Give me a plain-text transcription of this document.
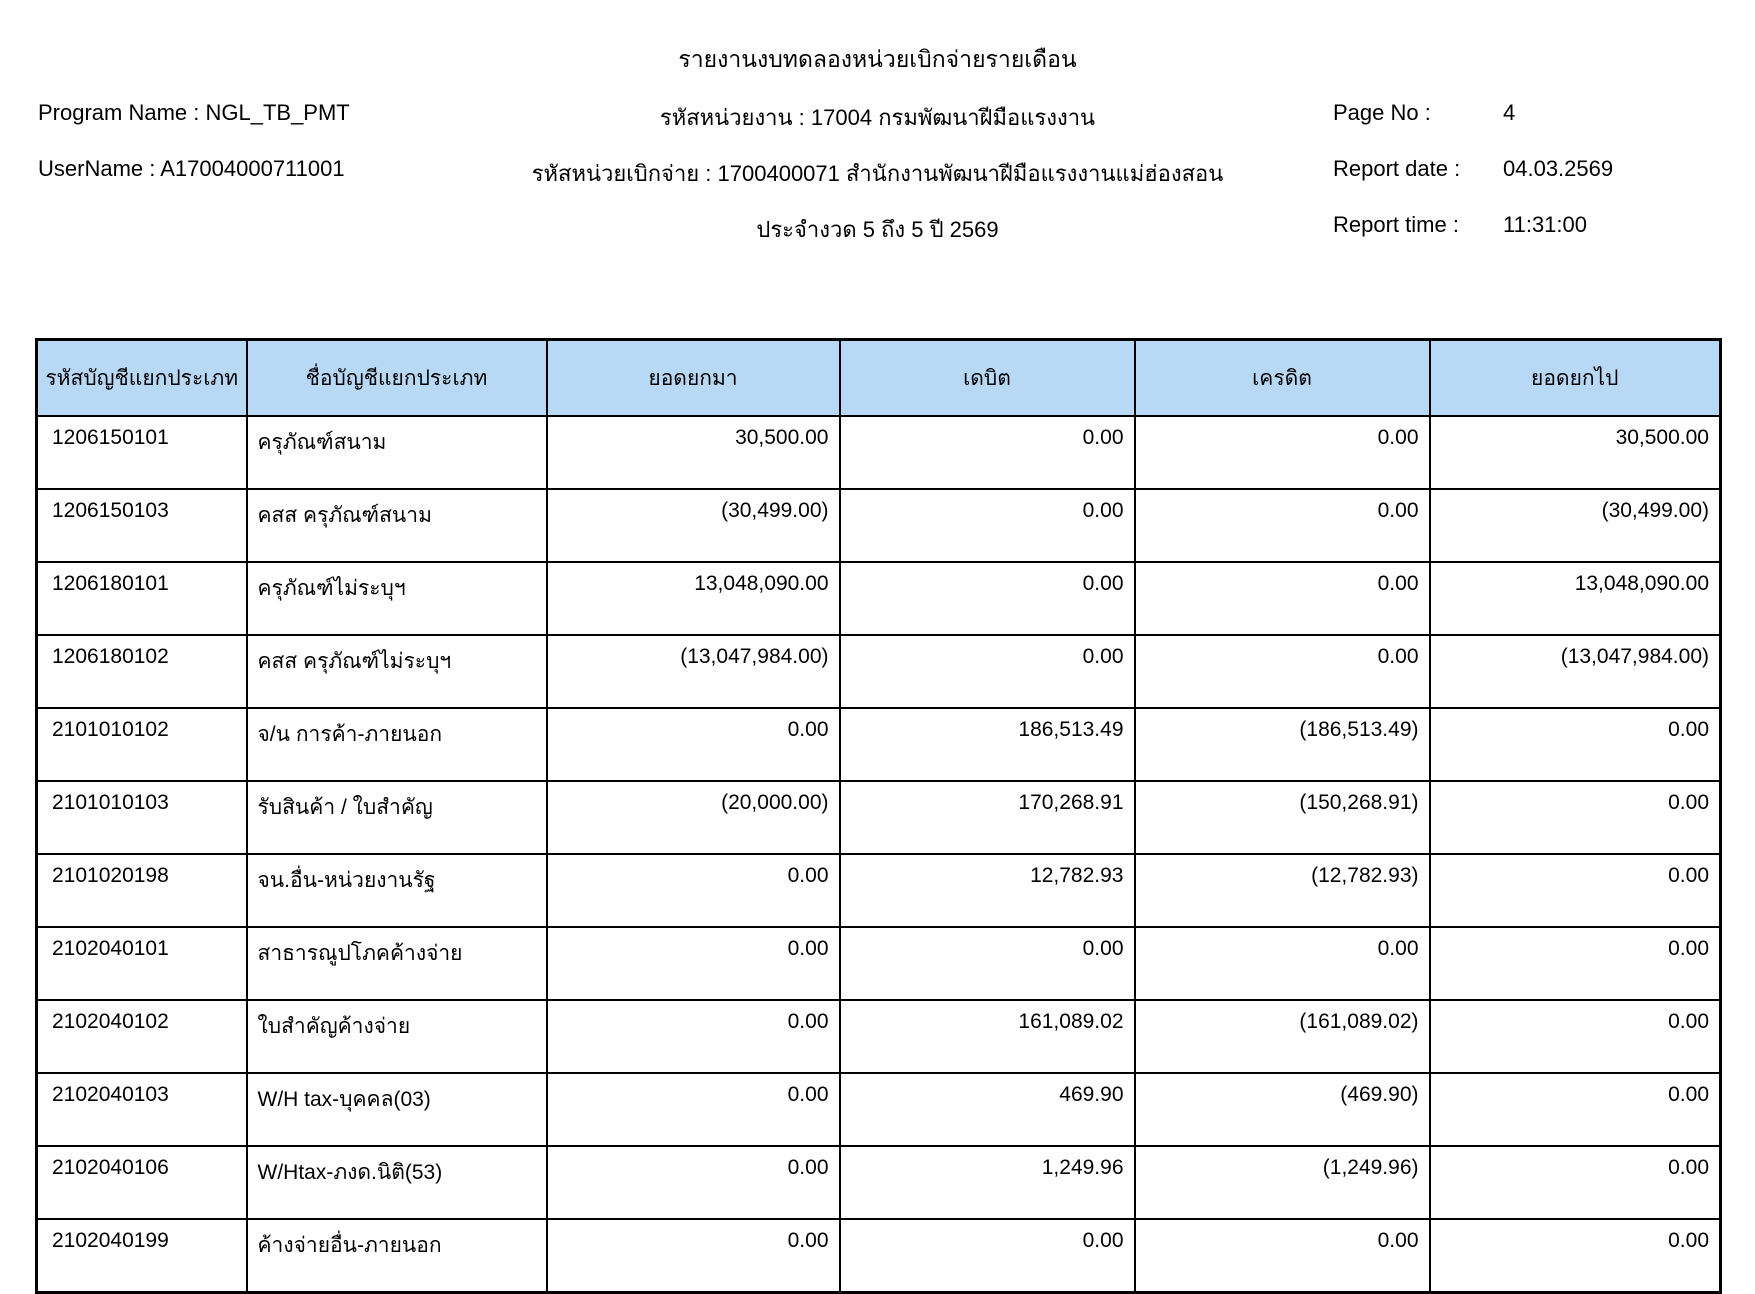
รายงานงบทดลองหน่วยเบิกจ่ายรายเดือน
Program Name : NGL_TB_PMT	รหัสหน่วยงาน : 17004 กรมพัฒนาฝีมือแรงงาน	Page No :	4
UserName : A17004000711001	รหัสหน่วยเบิกจ่าย : 1700400071 สำนักงานพัฒนาฝีมือแรงงานแม่ฮ่องสอน	Report date : 04.03.2569
ประจำงวด 5 ถึง 5 ปี 2569	Report time : 11:31:00
รหัสบัญชีแยกประเภท	ชื่อบัญชีแยกประเภท	ยอดยกมา	เดบิต	เครดิต	ยอดยกไป
1206150101	ครุภัณฑ์สนาม	30,500.00	0.00	0.00	30,500.00
1206150103	คสส ครุภัณฑ์สนาม	(30,499.00)	0.00	0.00	(30,499.00)
1206180101	ครุภัณฑ์ไม่ระบุฯ	13,048,090.00	0.00	0.00	13,048,090.00
1206180102	คสส ครุภัณฑ์ไม่ระบุฯ	(13,047,984.00)	0.00	0.00	(13,047,984.00)
2101010102	จ/น การค้า-ภายนอก	0.00	186,513.49	(186,513.49)	0.00
2101010103	รับสินค้า / ใบสำคัญ	(20,000.00)	170,268.91	(150,268.91)	0.00
2101020198	จน.อื่น-หน่วยงานรัฐ	0.00	12,782.93	(12,782.93)	0.00
2102040101	สาธารณูปโภคค้างจ่าย	0.00	0.00	0.00	0.00
2102040102	ใบสำคัญค้างจ่าย	0.00	161,089.02	(161,089.02)	0.00
2102040103	W/H tax-บุคคล(03)	0.00	469.90	(469.90)	0.00
2102040106	W/Htax-ภงด.นิติ(53)	0.00	1,249.96	(1,249.96)	0.00
2102040199	ค้างจ่ายอื่น-ภายนอก	0.00	0.00	0.00	0.00
